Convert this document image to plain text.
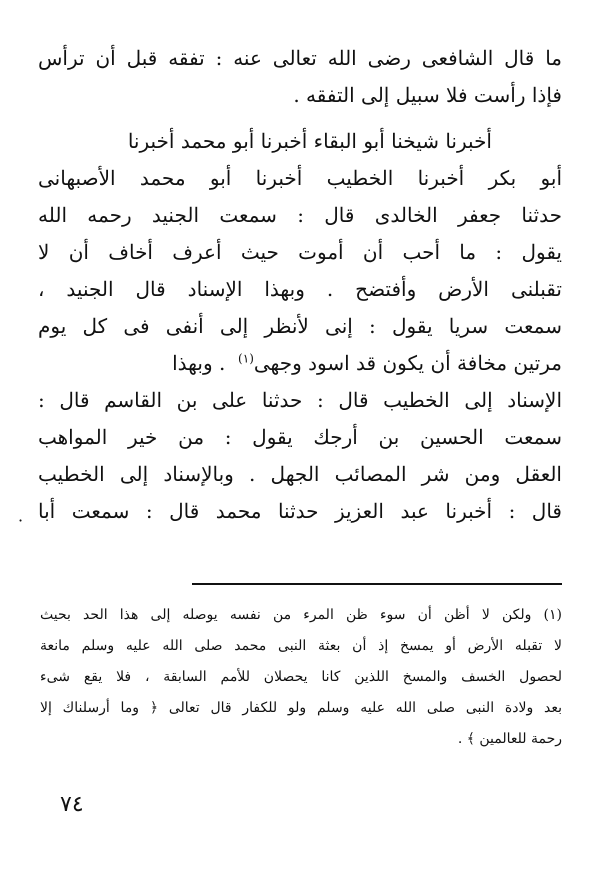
ما قال الشافعى رضى الله تعالى عنه : تفقه قبل أن ترأس
فإذا رأست فلا سبيل إلى التفقه .
أخبرنا شيخنا أبو البقاء أخبرنا أبو محمد أخبرنا
أبو بكر أخبرنا الخطيب أخبرنا أبو محمد الأصبهانى
حدثنا جعفر الخالدى قال : سمعت الجنيد رحمه الله
يقول : ما أحب أن أموت حيث أعرف أخاف أن لا
تقبلنى الأرض وأفتضح . وبهذا الإسناد قال الجنيد ،
سمعت سريا يقول : إنى لأنظر إلى أنفى فى كل يوم
مرتين مخافة أن يكون قد اسود وجهى$^{(١)}$  . وبهذا
الإسناد إلى الخطيب قال : حدثنا على بن القاسم قال :
سمعت الحسين بن أرجك يقول : من خير المواهب
العقل ومن شر المصائب الجهل . وبالإسناد إلى الخطيب
قال : أخبرنا عبد العزيز حدثنا محمد قال : سمعت أبا
·
(١) ولكن لا أظن أن سوء ظن المرء من نفسه يوصله إلى هذا الحد بحيث
لا تقبله الأرض أو يمسخ إذ أن بعثة النبى محمد صلى الله عليه وسلم مانعة
لحصول الخسف والمسخ اللذين كانا يحصلان للأمم السابقة ، فلا يقع شىء
بعد ولادة النبى صلى الله عليه وسلم ولو للكفار قال تعالى ﴿ وما أرسلناك إلا
رحمة للعالمين ﴾ .
٧٤
